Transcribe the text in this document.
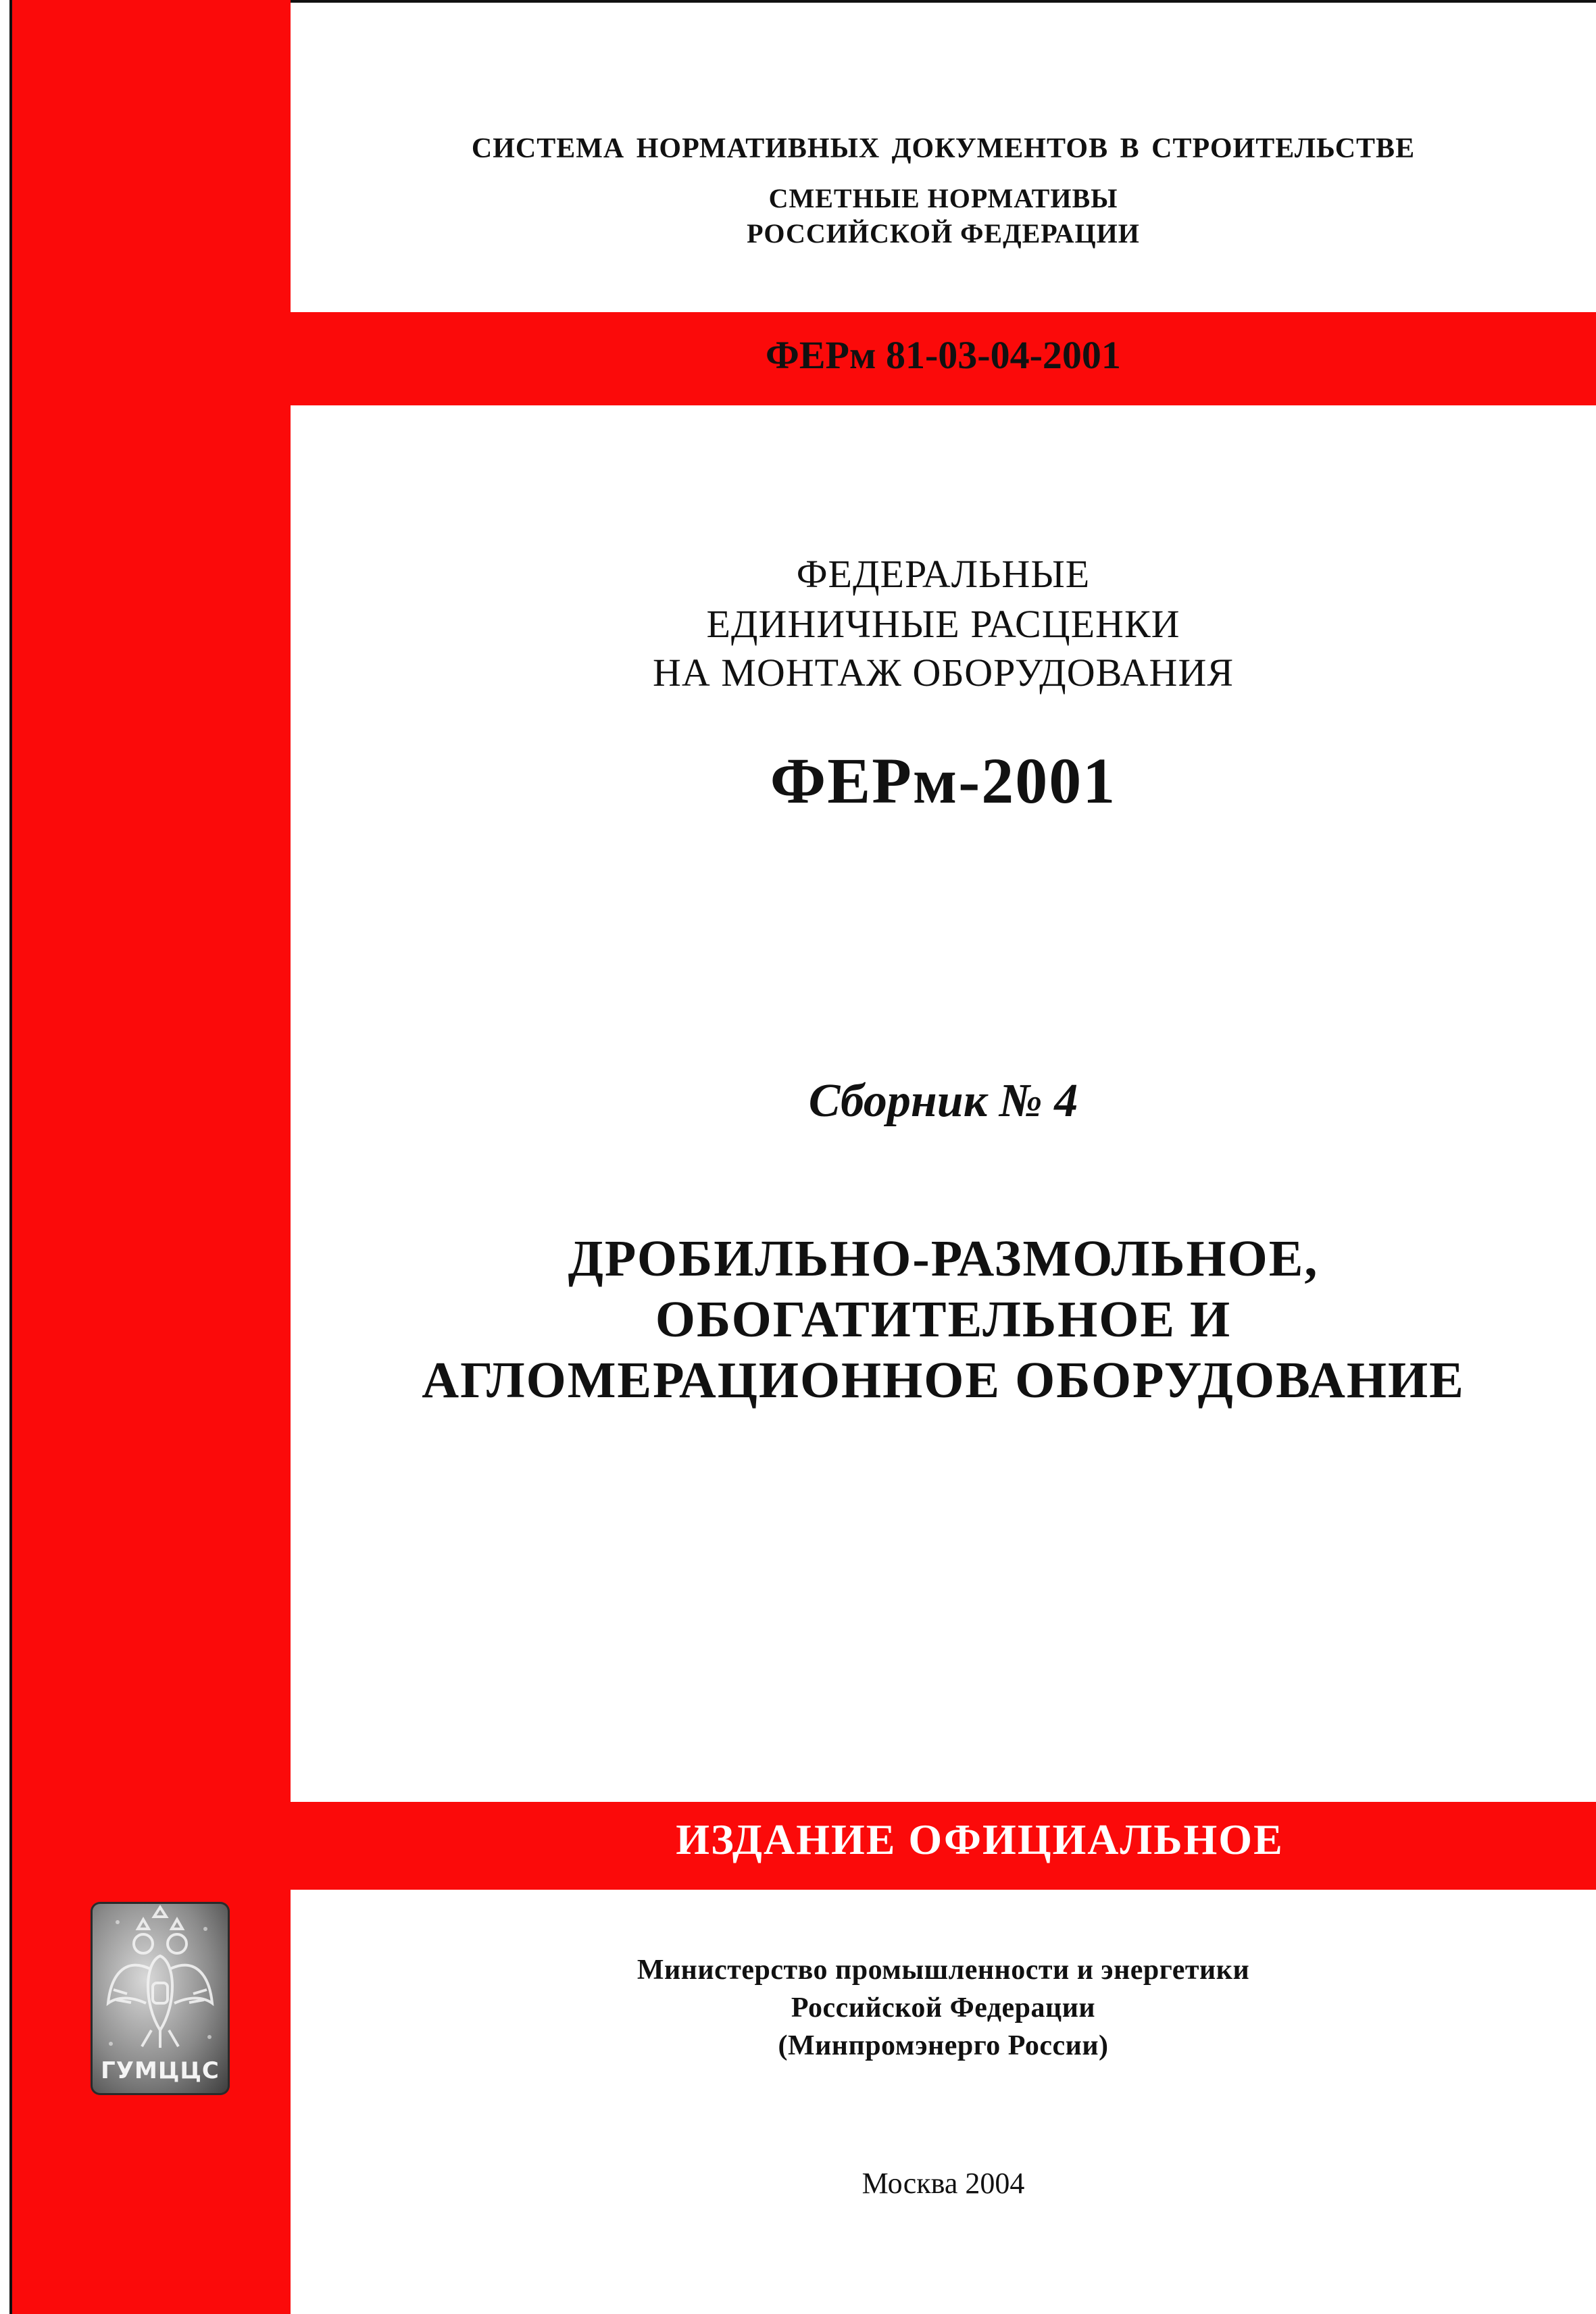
СИСТЕМА НОРМАТИВНЫХ ДОКУМЕНТОВ В СТРОИТЕЛЬСТВЕ
СМЕТНЫЕ НОРМАТИВЫ
РОССИЙСКОЙ ФЕДЕРАЦИИ
ФЕРм 81-03-04-2001
ФЕДЕРАЛЬНЫЕ
ЕДИНИЧНЫЕ РАСЦЕНКИ
НА МОНТАЖ ОБОРУДОВАНИЯ
ФЕРм-2001
Сборник № 4
ДРОБИЛЬНО-РАЗМОЛЬНОЕ,
ОБОГАТИТЕЛЬНОЕ И
АГЛОМЕРАЦИОННОЕ ОБОРУДОВАНИЕ
ИЗДАНИЕ ОФИЦИАЛЬНОЕ
ГУМЦЦС
Министерство промышленности и энергетики
Российской Федерации
(Минпромэнерго России)
Москва 2004
